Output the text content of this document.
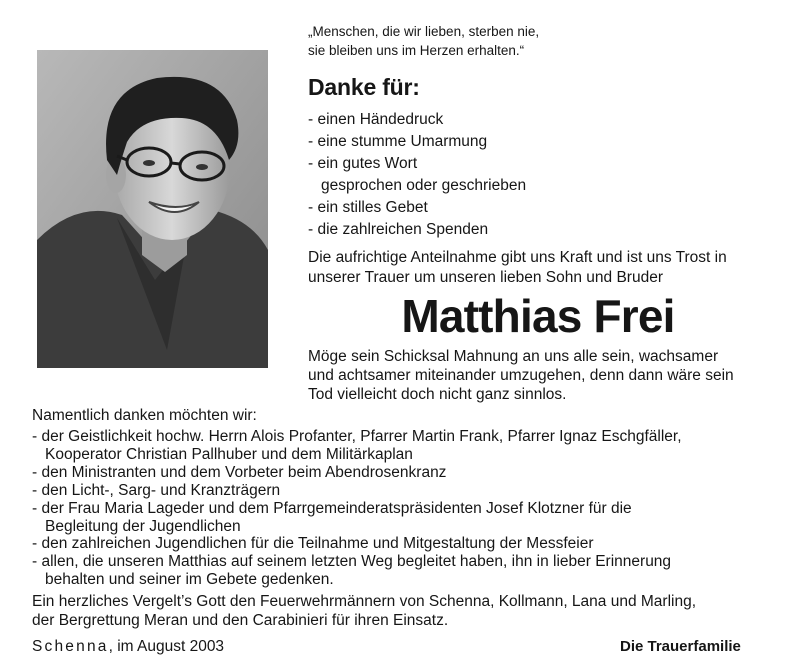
„Menschen, die wir lieben, sterben nie,
sie bleiben uns im Herzen erhalten.“
Danke für:
- einen Händedruck
- eine stumme Umarmung
- ein gutes Wort
gesprochen oder geschrieben
- ein stilles Gebet
- die zahlreichen Spenden
Die aufrichtige Anteilnahme gibt uns Kraft und ist uns Trost in
unserer Trauer um unseren lieben Sohn und Bruder
Matthias Frei
Möge sein Schicksal Mahnung an uns alle sein, wachsamer
und achtsamer miteinander umzugehen, denn dann wäre sein
Tod vielleicht doch nicht ganz sinnlos.
Namentlich danken möchten wir:
- der Geistlichkeit hochw. Herrn Alois Profanter, Pfarrer Martin Frank, Pfarrer Ignaz Eschgfäller,
Kooperator Christian Pallhuber und dem Militärkaplan
- den Ministranten und dem Vorbeter beim Abendrosenkranz
- den Licht-, Sarg- und Kranzträgern
- der Frau Maria Lageder und dem Pfarrgemeinderatspräsidenten Josef Klotzner für die
Begleitung der Jugendlichen
- den zahlreichen Jugendlichen für die Teilnahme und Mitgestaltung der Messfeier
- allen, die unseren Matthias auf seinem letzten Weg begleitet haben, ihn in lieber Erinnerung
behalten und seiner im Gebete gedenken.
Ein herzliches Vergelt’s Gott den Feuerwehrmännern von Schenna, Kollmann, Lana und Marling,
der Bergrettung Meran und den Carabinieri für ihren Einsatz.
Schenna, im August 2003	Die Trauerfamilie
